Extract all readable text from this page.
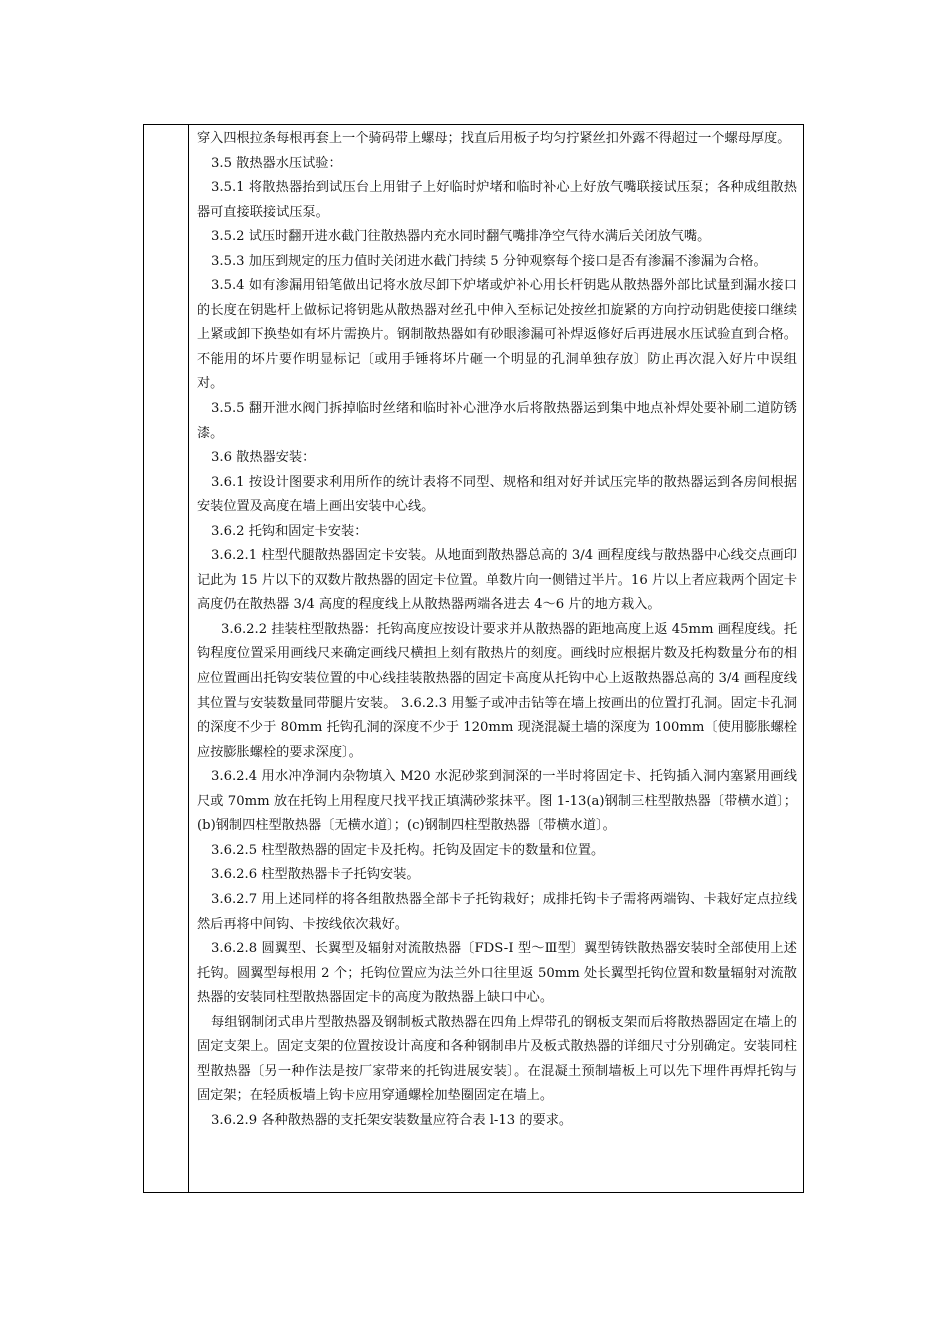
穿入四根拉条每根再套上一个骑码带上螺母；找直后用板子均匀拧紧丝扣外露不得超过一个螺母厚度。

3.5 散热器水压试验：

3.5.1 将散热器抬到试压台上用钳子上好临时炉堵和临时补心上好放气嘴联接试压泵；各种成组散热器可直接联接试压泵。

3.5.2 试压时翻开进水截门往散热器内充水同时翻气嘴排净空气待水满后关闭放气嘴。

3.5.3 加压到规定的压力值时关闭进水截门持续 5 分钟观察每个接口是否有渗漏不渗漏为合格。

3.5.4 如有渗漏用铅笔做出记将水放尽卸下炉堵或炉补心用长杆钥匙从散热器外部比试量到漏水接口的长度在钥匙杆上做标记将钥匙从散热器对丝孔中伸入至标记处按丝扣旋紧的方向拧动钥匙使接口继续上紧或卸下换垫如有坏片需换片。钢制散热器如有砂眼渗漏可补焊返修好后再进展水压试验直到合格。不能用的坏片要作明显标记〔或用手锤将坏片砸一个明显的孔洞单独存放〕防止再次混入好片中误组对。

3.5.5 翻开泄水阀门拆掉临时丝绪和临时补心泄净水后将散热器运到集中地点补焊处要补刷二道防锈漆。

3.6 散热器安装：

3.6.1 按设计图要求利用所作的统计表将不同型、规格和组对好并试压完毕的散热器运到各房间根据安装位置及高度在墙上画出安装中心线。

3.6.2 托钩和固定卡安装：

3.6.2.1 柱型代腿散热器固定卡安装。从地面到散热器总高的 3/4 画程度线与散热器中心线交点画印记此为 15 片以下的双数片散热器的固定卡位置。单数片向一侧错过半片。16 片以上者应栽两个固定卡高度仍在散热器 3/4 高度的程度线上从散热器两端各进去 4～6 片的地方栽入。

3.6.2.2 挂装柱型散热器：托钩高度应按设计要求并从散热器的距地高度上返 45mm 画程度线。托钩程度位置采用画线尺来确定画线尺横担上刻有散热片的刻度。画线时应根据片数及托构数量分布的相应位置画出托钩安装位置的中心线挂装散热器的固定卡高度从托钩中心上返散热器总高的 3/4 画程度线其位置与安装数量同带腿片安装。 3.6.2.3 用錾子或冲击钻等在墙上按画出的位置打孔洞。固定卡孔洞的深度不少于 80mm 托钩孔洞的深度不少于 120mm 现浇混凝土墙的深度为 100mm〔使用膨胀螺栓应按膨胀螺栓的要求深度〕。

3.6.2.4 用水冲净洞内杂物填入 M20 水泥砂浆到洞深的一半时将固定卡、托钩插入洞内塞紧用画线尺或 70mm 放在托钩上用程度尺找平找正填满砂浆抹平。图 1-13(a)钢制三柱型散热器〔带横水道〕；(b)钢制四柱型散热器〔无横水道〕；(c)钢制四柱型散热器〔带横水道〕。

3.6.2.5 柱型散热器的固定卡及托构。托钩及固定卡的数量和位置。

3.6.2.6 柱型散热器卡子托钩安装。

3.6.2.7 用上述同样的将各组散热器全部卡子托钩栽好；成排托钩卡子需将两端钩、卡栽好定点拉线然后再将中间钩、卡按线依次栽好。

3.6.2.8 圆翼型、长翼型及辐射对流散热器〔FDS-Ⅰ 型～Ⅲ型〕翼型铸铁散热器安装时全部使用上述托钩。圆翼型每根用 2 个；托钩位置应为法兰外口往里返 50mm 处长翼型托钩位置和数量辐射对流散热器的安装同柱型散热器固定卡的高度为散热器上缺口中心。

每组钢制闭式串片型散热器及钢制板式散热器在四角上焊带孔的钢板支架而后将散热器固定在墙上的固定支架上。固定支架的位置按设计高度和各种钢制串片及板式散热器的详细尺寸分别确定。安装同柱型散热器〔另一种作法是按厂家带来的托钩进展安装〕。在混凝土预制墙板上可以先下埋件再焊托钩与固定架；在轻质板墙上钩卡应用穿通螺栓加垫圈固定在墙上。

3.6.2.9 各种散热器的支托架安装数量应符合表 l-13 的要求。
